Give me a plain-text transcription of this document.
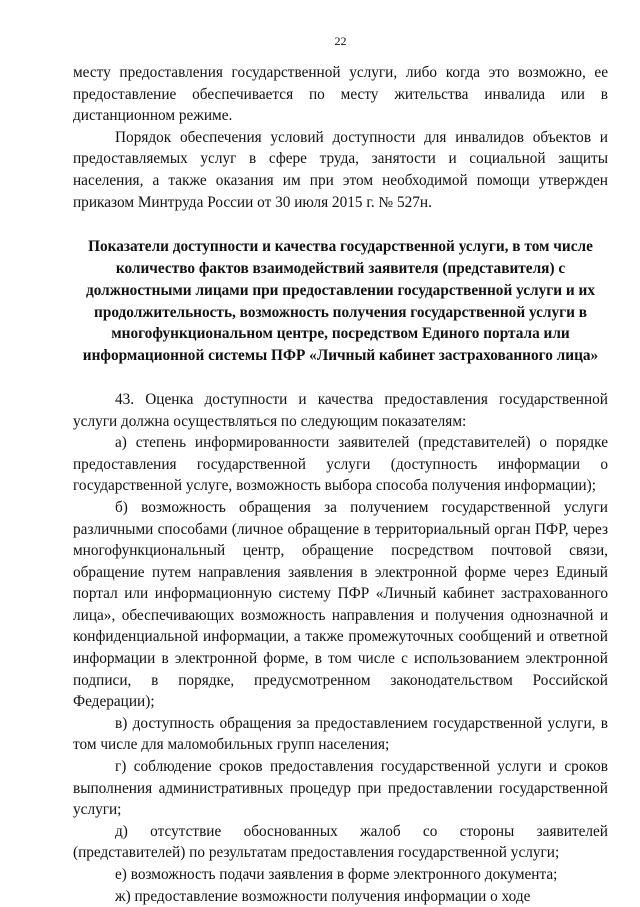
22

месту предоставления государственной услуги, либо когда это возможно, ее предоставление обеспечивается по месту жительства инвалида или в дистанционном режиме.

Порядок обеспечения условий доступности для инвалидов объектов и предоставляемых услуг в сфере труда, занятости и социальной защиты населения, а также оказания им при этом необходимой помощи утвержден приказом Минтруда России от 30 июля 2015 г. № 527н.

Показатели доступности и качества государственной услуги, в том числе количество фактов взаимодействий заявителя (представителя) с должностными лицами при предоставлении государственной услуги и их продолжительность, возможность получения государственной услуги в многофункциональном центре, посредством Единого портала или информационной системы ПФР «Личный кабинет застрахованного лица»

43. Оценка доступности и качества предоставления государственной услуги должна осуществляться по следующим показателям:

а) степень информированности заявителей (представителей) о порядке предоставления государственной услуги (доступность информации о государственной услуге, возможность выбора способа получения информации);

б) возможность обращения за получением государственной услуги различными способами (личное обращение в территориальный орган ПФР, через многофункциональный центр, обращение посредством почтовой связи, обращение путем направления заявления в электронной форме через Единый портал или информационную систему ПФР «Личный кабинет застрахованного лица», обеспечивающих возможность направления и получения однозначной и конфиденциальной информации, а также промежуточных сообщений и ответной информации в электронной форме, в том числе с использованием электронной подписи, в порядке, предусмотренном законодательством Российской Федерации);

в) доступность обращения за предоставлением государственной услуги, в том числе для маломобильных групп населения;

г) соблюдение сроков предоставления государственной услуги и сроков выполнения административных процедур при предоставлении государственной услуги;

д) отсутствие обоснованных жалоб со стороны заявителей (представителей) по результатам предоставления государственной услуги;

е) возможность подачи заявления в форме электронного документа;

ж) предоставление возможности получения информации о ходе
